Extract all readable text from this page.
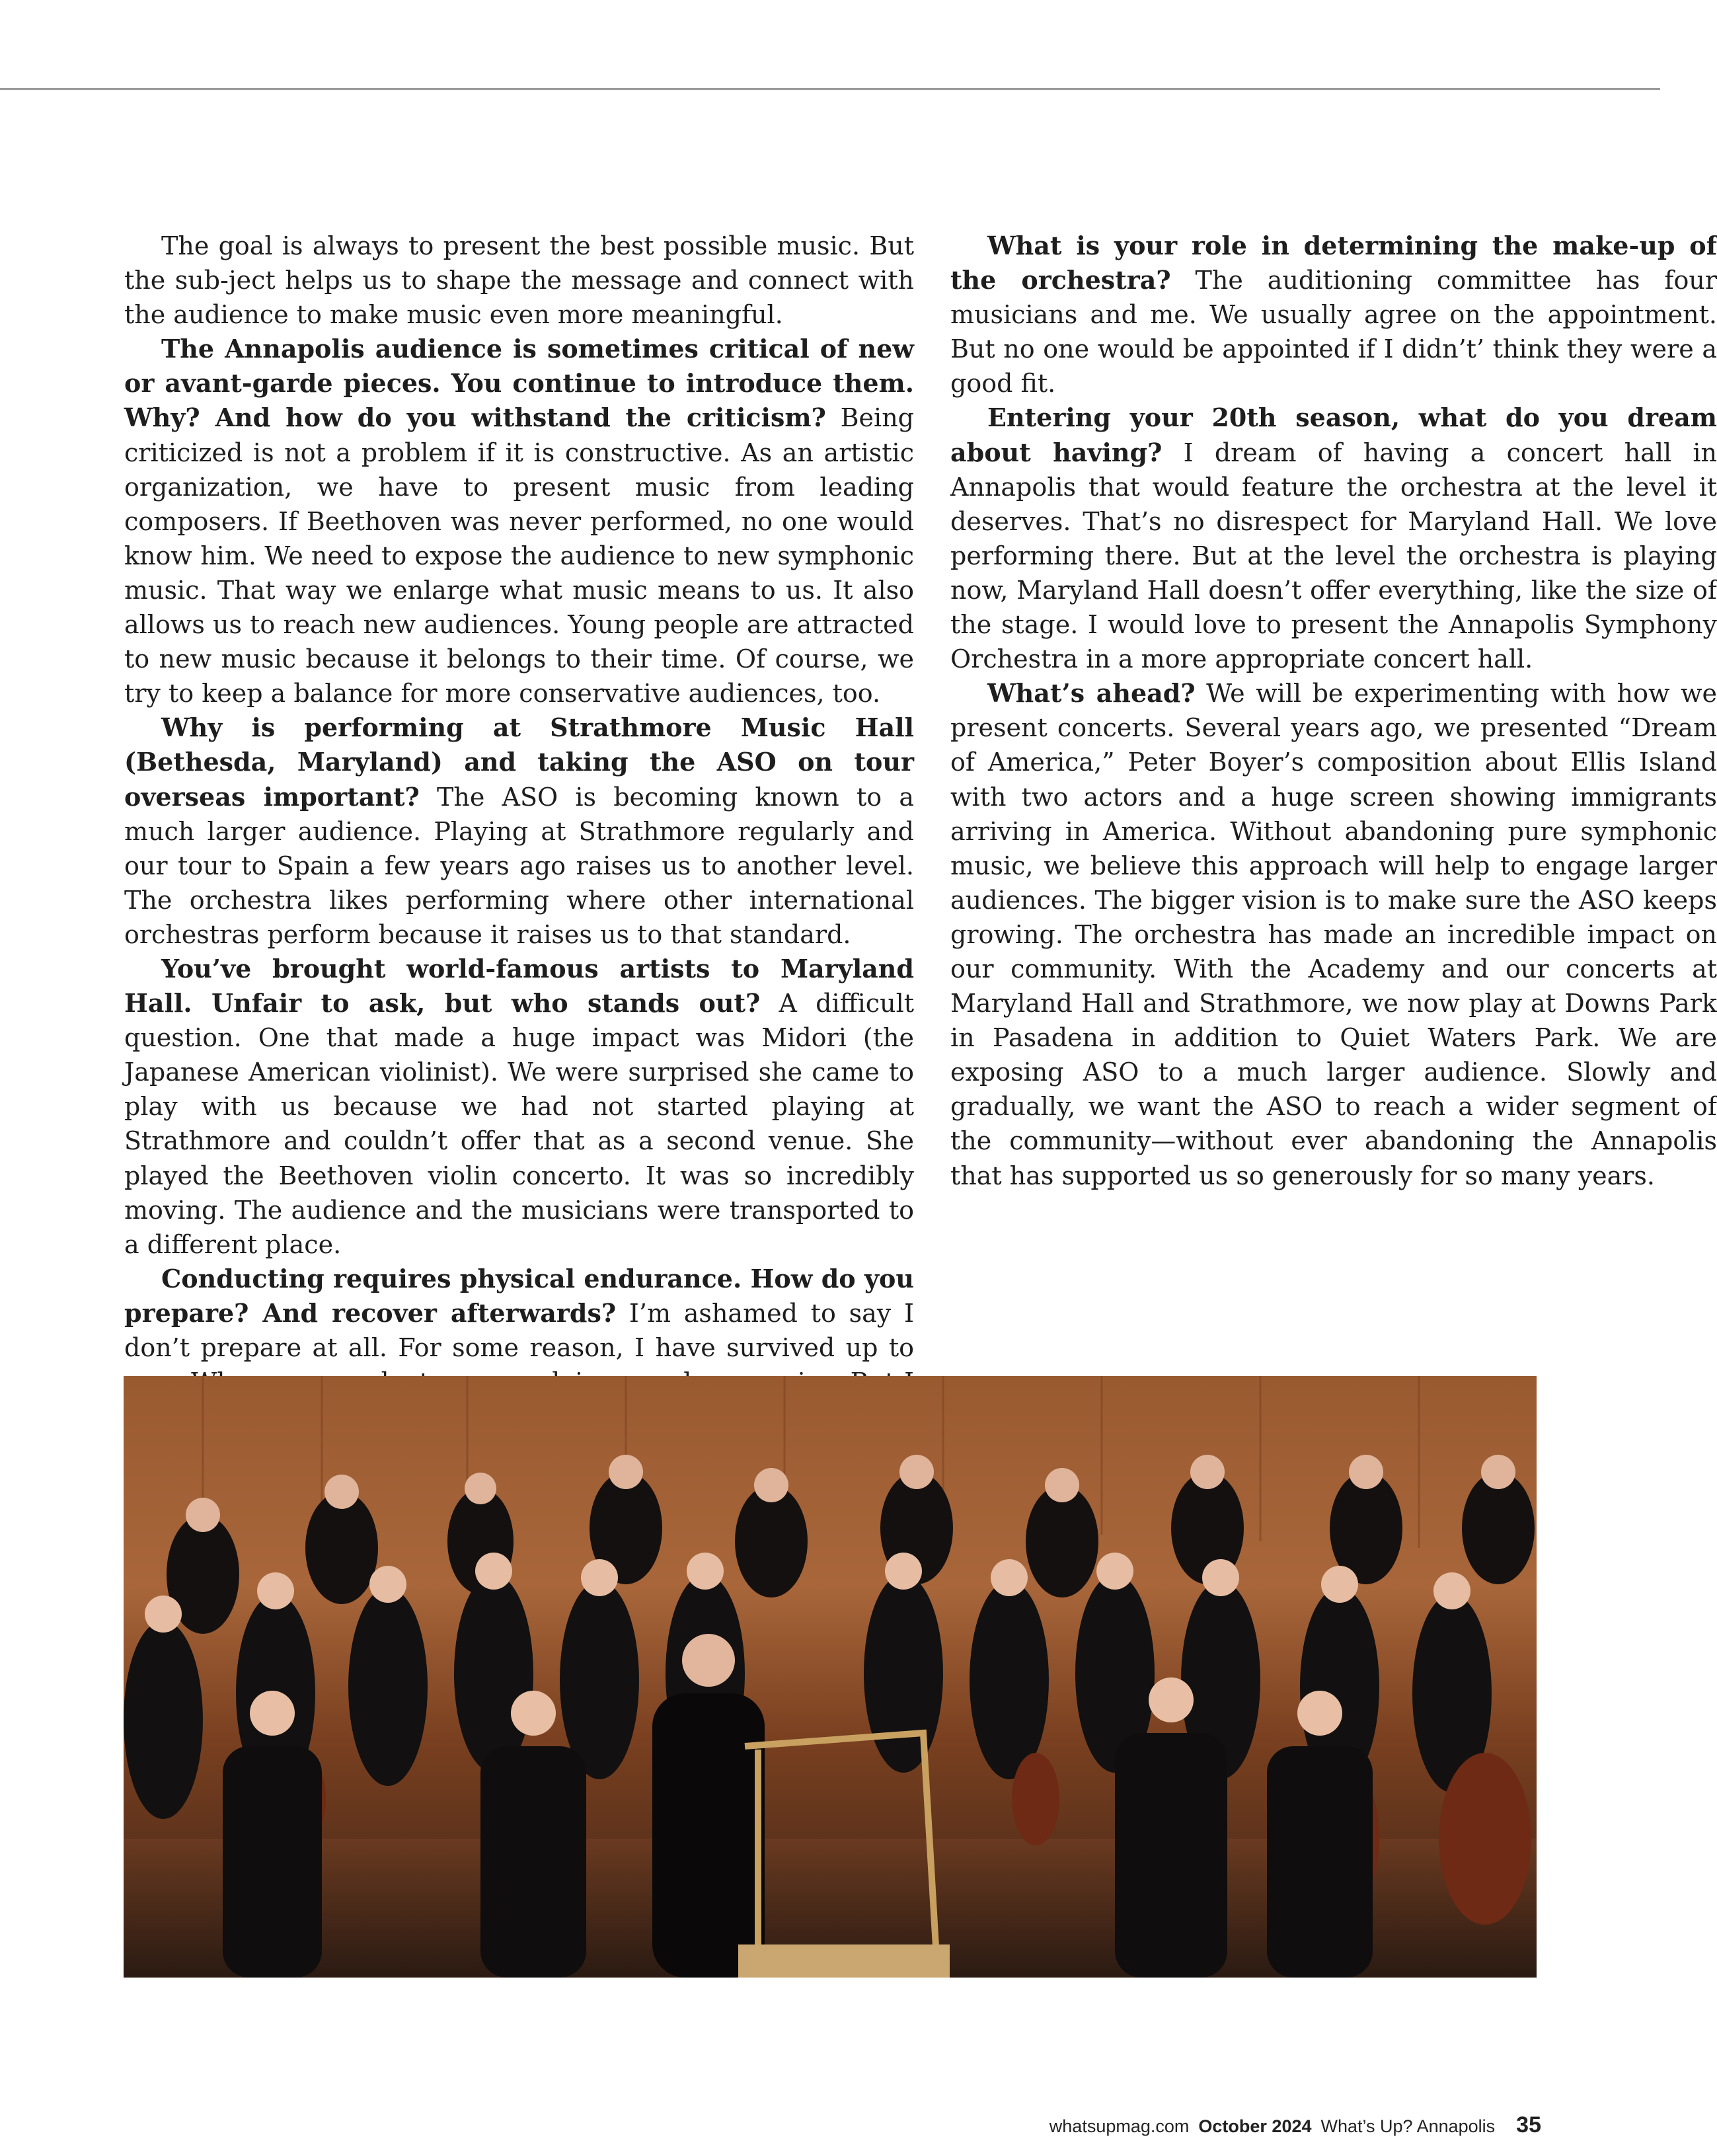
The goal is always to present the best possible music. But the sub-ject helps us to shape the message and connect with the audience to make music even more meaningful.

The Annapolis audience is sometimes critical of new or avant-garde pieces. You continue to introduce them. Why? And how do you withstand the criticism? Being criticized is not a problem if it is constructive. As an artistic organization, we have to present music from leading composers. If Beethoven was never performed, no one would know him. We need to expose the audience to new symphonic music. That way we enlarge what music means to us. It also allows us to reach new audiences. Young people are attracted to new music because it belongs to their time. Of course, we try to keep a balance for more conservative audiences, too.

Why is performing at Strathmore Music Hall (Bethesda, Maryland) and taking the ASO on tour overseas important? The ASO is becoming known to a much larger audience. Playing at Strathmore regularly and our tour to Spain a few years ago raises us to another level. The orchestra likes performing where other international orchestras perform because it raises us to that standard.

You’ve brought world-famous artists to Maryland Hall. Unfair to ask, but who stands out? A difficult question. One that made a huge impact was Midori (the Japanese American violinist). We were surprised she came to play with us because we had not started playing at Strathmore and couldn’t offer that as a second venue. She played the Beethoven violin concerto. It was so incredibly moving. The audience and the musicians were transported to a different place.

Conducting requires physical endurance. How do you prepare? And recover afterwards? I’m ashamed to say I don’t prepare at all. For some reason, I have survived up to

What is your role in determining the make-up of the orchestra? The auditioning committee has four musicians and me. We usually agree on the appointment. But no one would be appointed if I didn’t’ think they were a good fit.

Entering your 20th season, what do you dream about having? I dream of having a concert hall in Annapolis that would feature the orchestra at the level it deserves. That’s no disrespect for Maryland Hall. We love performing there. But at the level the orchestra is playing now, Maryland Hall doesn’t offer everything, like the size of the stage. I would love to present the Annapolis Symphony Orchestra in a more appropriate concert hall.

What’s ahead? We will be experimenting with how we present concerts. Several years ago, we presented “Dream of America,” Peter Boyer’s composition about Ellis Island with two actors and a huge screen showing immigrants arriving in America. Without abandoning pure symphonic music, we believe this approach will help to engage larger audiences. The bigger vision is to make sure the ASO keeps growing. The orchestra has made an incredible impact on our community. With the Academy and our concerts at Maryland Hall and Strathmore, we now play at Downs Park in Pasadena in addition to Quiet Waters Park. We are exposing ASO to a much larger audience. Slowly and gradually, we want the ASO to reach a wider segment of the community—without ever abandoning the Annapolis that has supported us so generously for so many years.

whatsupmag.com October 2024 What’s Up? Annapolis 35
